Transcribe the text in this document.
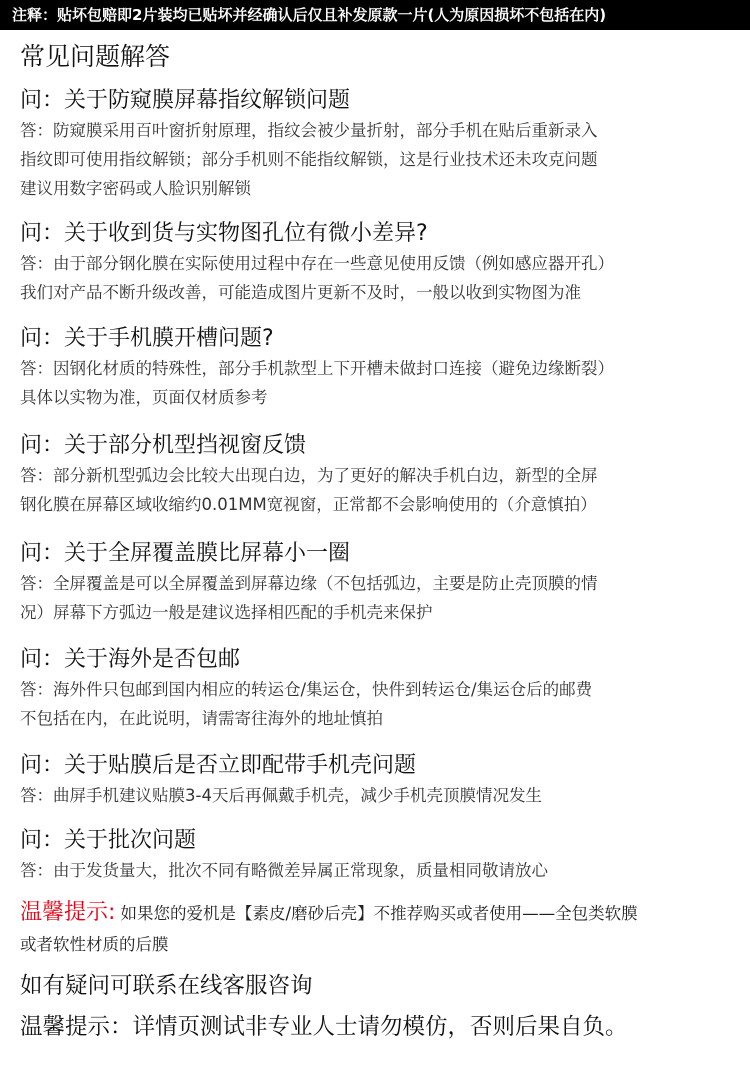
注释：贴坏包赔即2片装均已贴坏并经确认后仅且补发原款一片(人为原因损坏不包括在内)
常见问题解答
问：关于防窥膜屏幕指纹解锁问题
答：防窥膜采用百叶窗折射原理，指纹会被少量折射，部分手机在贴后重新录入
指纹即可使用指纹解锁；部分手机则不能指纹解锁，这是行业技术还未攻克问题
建议用数字密码或人脸识别解锁
问：关于收到货与实物图孔位有微小差异?
答：由于部分钢化膜在实际使用过程中存在一些意见使用反馈（例如感应器开孔）
我们对产品不断升级改善，可能造成图片更新不及时，一般以收到实物图为准
问：关于手机膜开槽问题?
答：因钢化材质的特殊性，部分手机款型上下开槽未做封口连接（避免边缘断裂）
具体以实物为准，页面仅材质参考
问：关于部分机型挡视窗反馈
答：部分新机型弧边会比较大出现白边，为了更好的解决手机白边，新型的全屏
钢化膜在屏幕区域收缩约0.01MM宽视窗，正常都不会影响使用的（介意慎拍）
问：关于全屏覆盖膜比屏幕小一圈
答：全屏覆盖是可以全屏覆盖到屏幕边缘（不包括弧边，主要是防止壳顶膜的情
况）屏幕下方弧边一般是建议选择相匹配的手机壳来保护
问：关于海外是否包邮
答：海外件只包邮到国内相应的转运仓/集运仓，快件到转运仓/集运仓后的邮费
不包括在内，在此说明，请需寄往海外的地址慎拍
问：关于贴膜后是否立即配带手机壳问题
答：曲屏手机建议贴膜3-4天后再佩戴手机壳，减少手机壳顶膜情况发生
问：关于批次问题
答：由于发货量大，批次不同有略微差异属正常现象，质量相同敬请放心
温馨提示: 如果您的爱机是【素皮/磨砂后壳】不推荐购买或者使用——全包类软膜
或者软性材质的后膜
如有疑问可联系在线客服咨询
温馨提示：详情页测试非专业人士请勿模仿，否则后果自负。
